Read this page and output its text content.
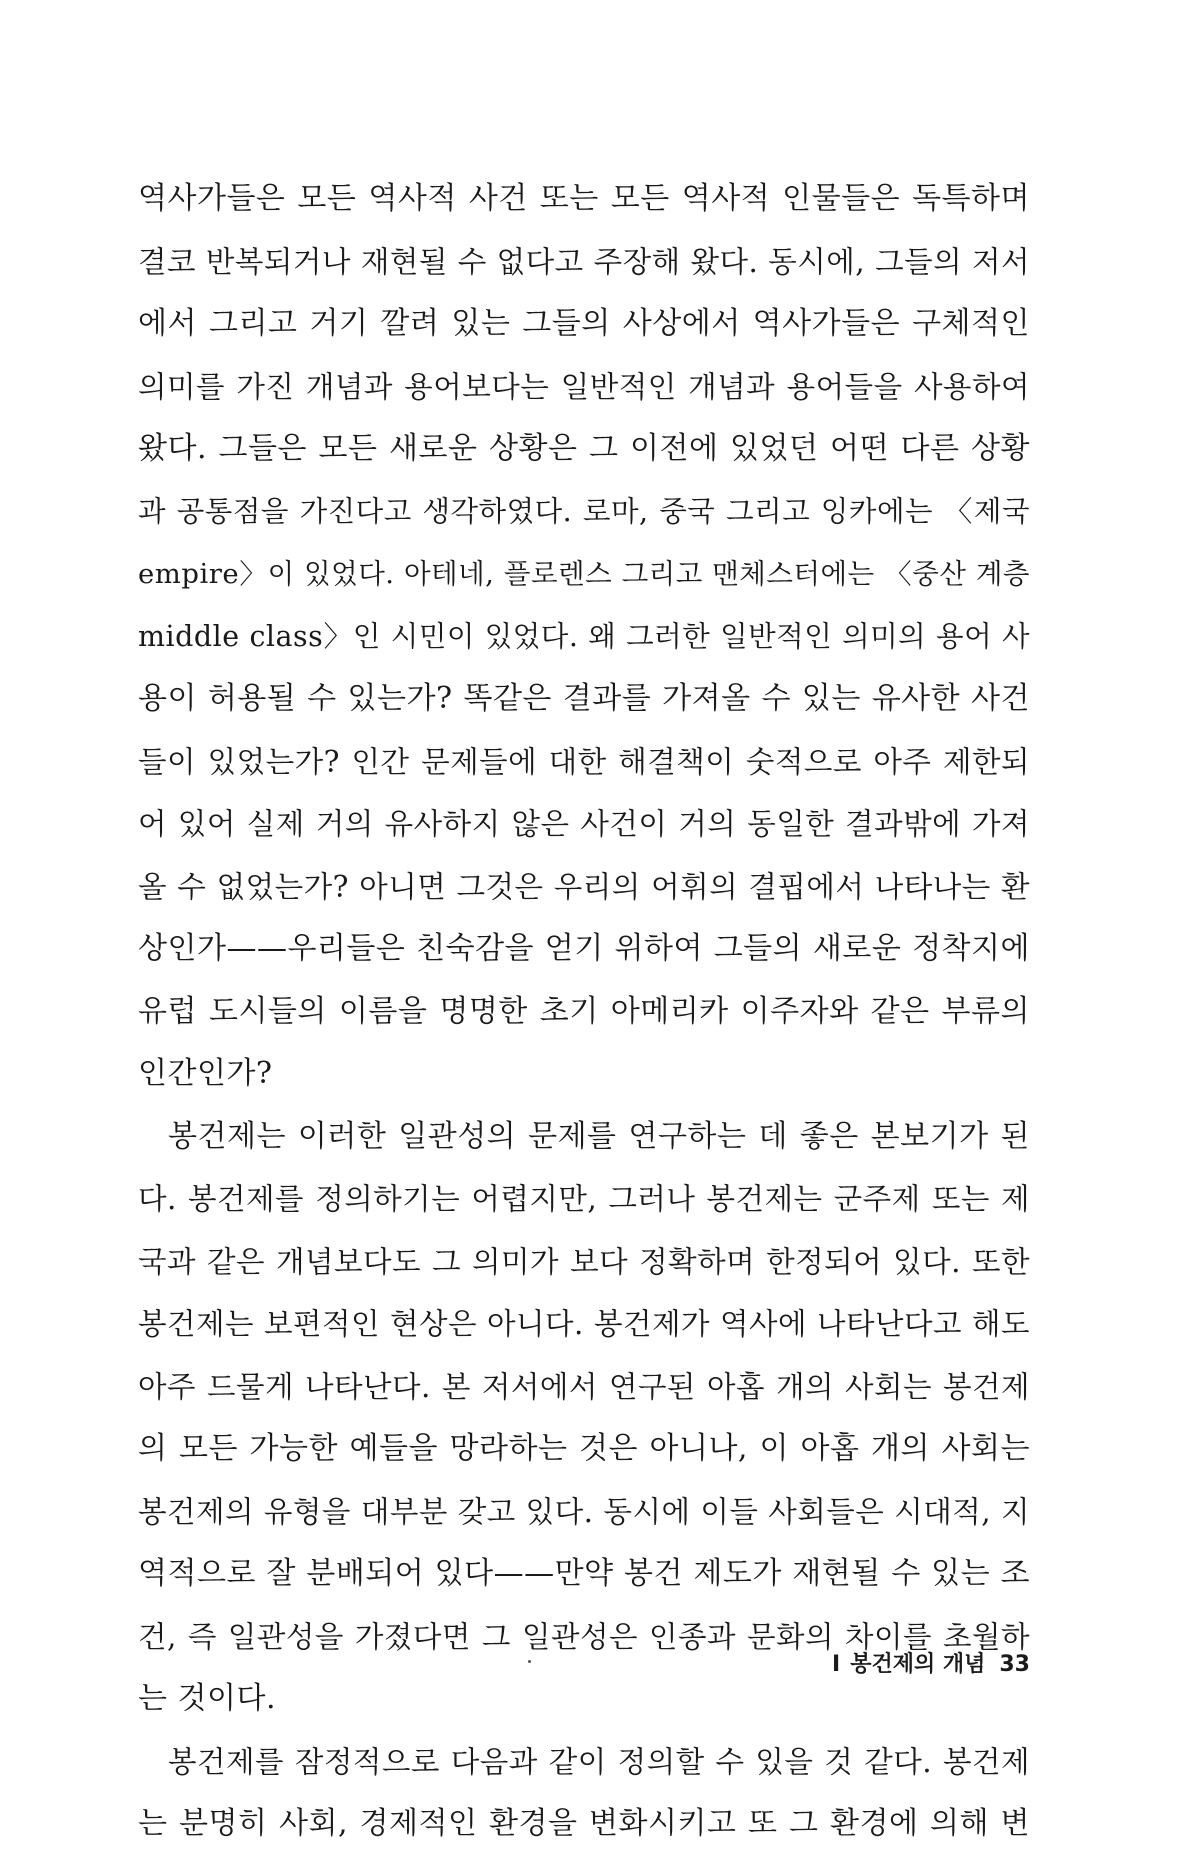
역사가들은 모든 역사적 사건 또는 모든 역사적 인물들은 독특하며
결코 반복되거나 재현될 수 없다고 주장해 왔다. 동시에, 그들의 저서
에서 그리고 거기 깔려 있는 그들의 사상에서 역사가들은 구체적인
의미를 가진 개념과 용어보다는 일반적인 개념과 용어들을 사용하여
왔다. 그들은 모든 새로운 상황은 그 이전에 있었던 어떤 다른 상황
과 공통점을 가진다고 생각하였다. 로마, 중국 그리고 잉카에는 〈제국
empire〉이 있었다. 아테네, 플로렌스 그리고 맨체스터에는 〈중산 계층
middle class〉인 시민이 있었다. 왜 그러한 일반적인 의미의 용어 사
용이 허용될 수 있는가? 똑같은 결과를 가져올 수 있는 유사한 사건
들이 있었는가? 인간 문제들에 대한 해결책이 숫적으로 아주 제한되
어 있어 실제 거의 유사하지 않은 사건이 거의 동일한 결과밖에 가져
올 수 없었는가? 아니면 그것은 우리의 어휘의 결핍에서 나타나는 환
상인가——우리들은 친숙감을 얻기 위하여 그들의 새로운 정착지에
유럽 도시들의 이름을 명명한 초기 아메리카 이주자와 같은 부류의
인간인가?
봉건제는 이러한 일관성의 문제를 연구하는 데 좋은 본보기가 된
다. 봉건제를 정의하기는 어렵지만, 그러나 봉건제는 군주제 또는 제
국과 같은 개념보다도 그 의미가 보다 정확하며 한정되어 있다. 또한
봉건제는 보편적인 현상은 아니다. 봉건제가 역사에 나타난다고 해도
아주 드물게 나타난다. 본 저서에서 연구된 아홉 개의 사회는 봉건제
의 모든 가능한 예들을 망라하는 것은 아니나, 이 아홉 개의 사회는
봉건제의 유형을 대부분 갖고 있다. 동시에 이들 사회들은 시대적, 지
역적으로 잘 분배되어 있다——만약 봉건 제도가 재현될 수 있는 조
건, 즉 일관성을 가졌다면 그 일관성은 인종과 문화의 차이를 초월하
는 것이다.
봉건제를 잠정적으로 다음과 같이 정의할 수 있을 것 같다. 봉건제
는 분명히 사회, 경제적인 환경을 변화시키고 또 그 환경에 의해 변
I 봉건제의 개념 33
